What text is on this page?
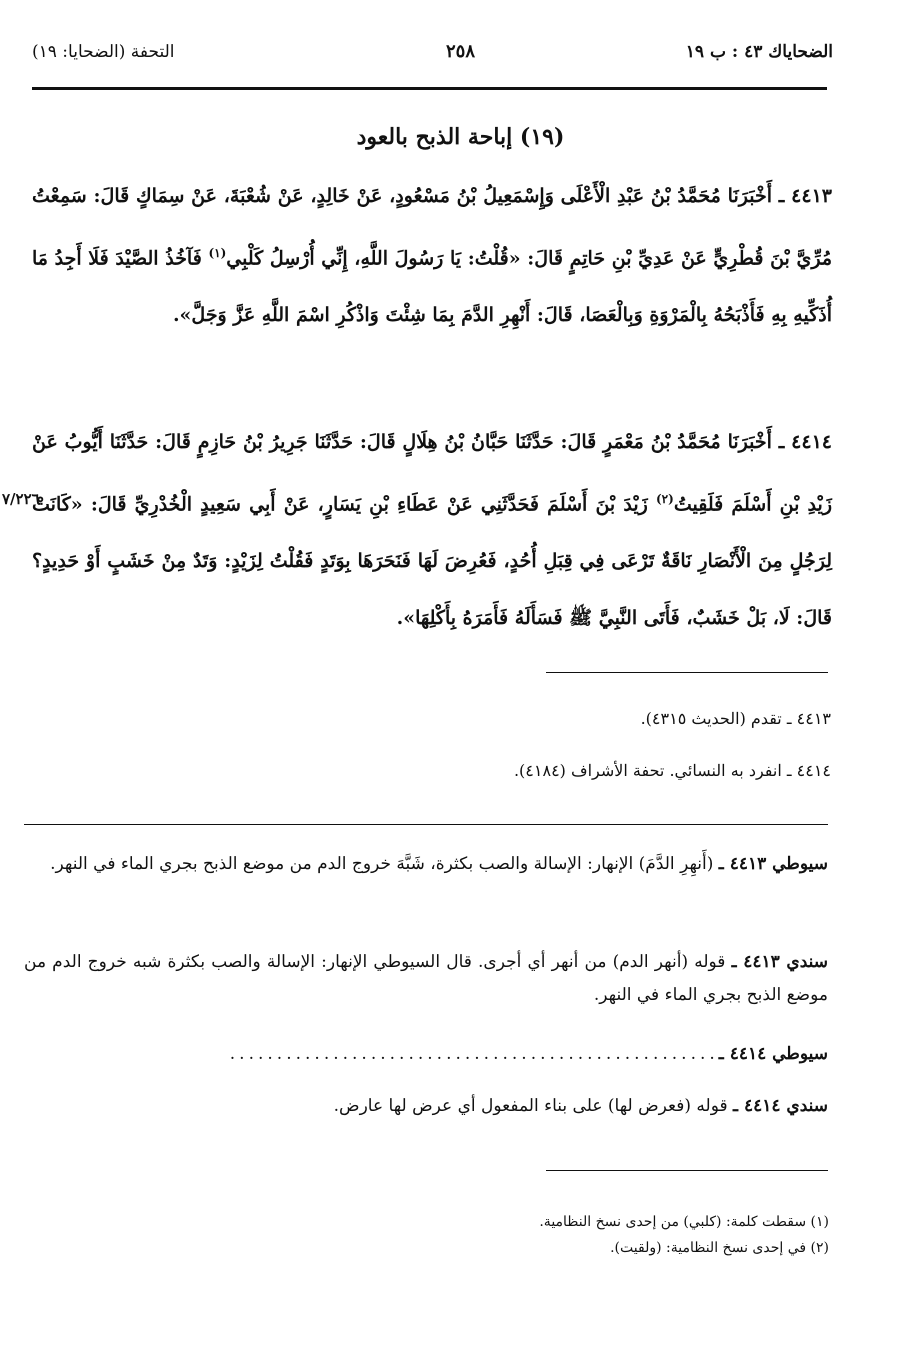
الضحاياك ٤٣ : ب ١٩
٢٥٨
التحفة (الضحايا: ١٩)
(١٩) إباحة الذبح بالعود
٤٤١٣ ـ أَخْبَرَنَا مُحَمَّدُ بْنُ عَبْدِ الْأَعْلَى وَإِسْمَعِيلُ بْنُ مَسْعُودٍ، عَنْ خَالِدٍ، عَنْ شُعْبَةَ، عَنْ سِمَاكٍ قَالَ: سَمِعْتُ مُرِّيَّ بْنَ قُطْرِيٍّ عَنْ عَدِيِّ بْنِ حَاتِمٍ قَالَ: «قُلْتُ: يَا رَسُولَ اللَّهِ، إِنِّي أُرْسِلُ كَلْبِي$^{(١)}$ فَآخُذُ الصَّيْدَ فَلَا أَجِدُ مَا أُذَكِّيهِ بِهِ فَأَذْبَحُهُ بِالْمَرْوَةِ وَبِالْعَصَا، قَالَ: أَنْهِرِ الدَّمَ بِمَا شِئْتَ وَاذْكُرِ اسْمَ اللَّهِ عَزَّ وَجَلَّ».
٤٤١٤ ـ أَخْبَرَنَا مُحَمَّدُ بْنُ مَعْمَرٍ قَالَ: حَدَّثَنَا حَبَّانُ بْنُ هِلَالٍ قَالَ: حَدَّثَنَا جَرِيرُ بْنُ حَازِمٍ قَالَ: حَدَّثَنَا أَيُّوبُ عَنْ زَيْدِ بْنِ أَسْلَمَ فَلَقِيتُ$^{(٢)}$ زَيْدَ بْنَ أَسْلَمَ فَحَدَّثَنِي عَنْ عَطَاءِ بْنِ يَسَارٍ، عَنْ أَبِي سَعِيدٍ الْخُدْرِيِّ قَالَ: «كَانَتْ لِرَجُلٍ مِنَ الْأَنْصَارِ نَاقَةٌ تَرْعَى فِي قِبَلِ أُحُدٍ، فَعُرِضَ لَهَا فَنَحَرَهَا بِوَتَدٍ فَقُلْتُ لِزَيْدٍ: وَتَدٌ مِنْ خَشَبٍ أَوْ حَدِيدٍ؟ قَالَ: لَا، بَلْ خَشَبٌ، فَأَتَى النَّبِيَّ ﷺ فَسَأَلَهُ فَأَمَرَهُ بِأَكْلِهَا».
٧/٢٢٦
٤٤١٣ ـ تقدم (الحديث ٤٣١٥).
٤٤١٤ ـ انفرد به النسائي. تحفة الأشراف (٤١٨٤).
سيوطي ٤٤١٣ ـ (أَنهِرِ الدَّمَ) الإنهار: الإسالة والصب بكثرة، شَبَّهَ خروج الدم من موضع الذبح بجري الماء في النهر.
سندي ٤٤١٣ ـ قوله (أنهر الدم) من أنهر أي أجرى. قال السيوطي الإنهار: الإسالة والصب بكثرة شبه خروج الدم من موضع الذبح بجري الماء في النهر.
سيوطي ٤٤١٤ ـ....................................................
سندي ٤٤١٤ ـ قوله (فعرض لها) على بناء المفعول أي عرض لها عارض.
(١) سقطت كلمة: (كلبي) من إحدى نسخ النظامية.
(٢) في إحدى نسخ النظامية: (ولقيت).
